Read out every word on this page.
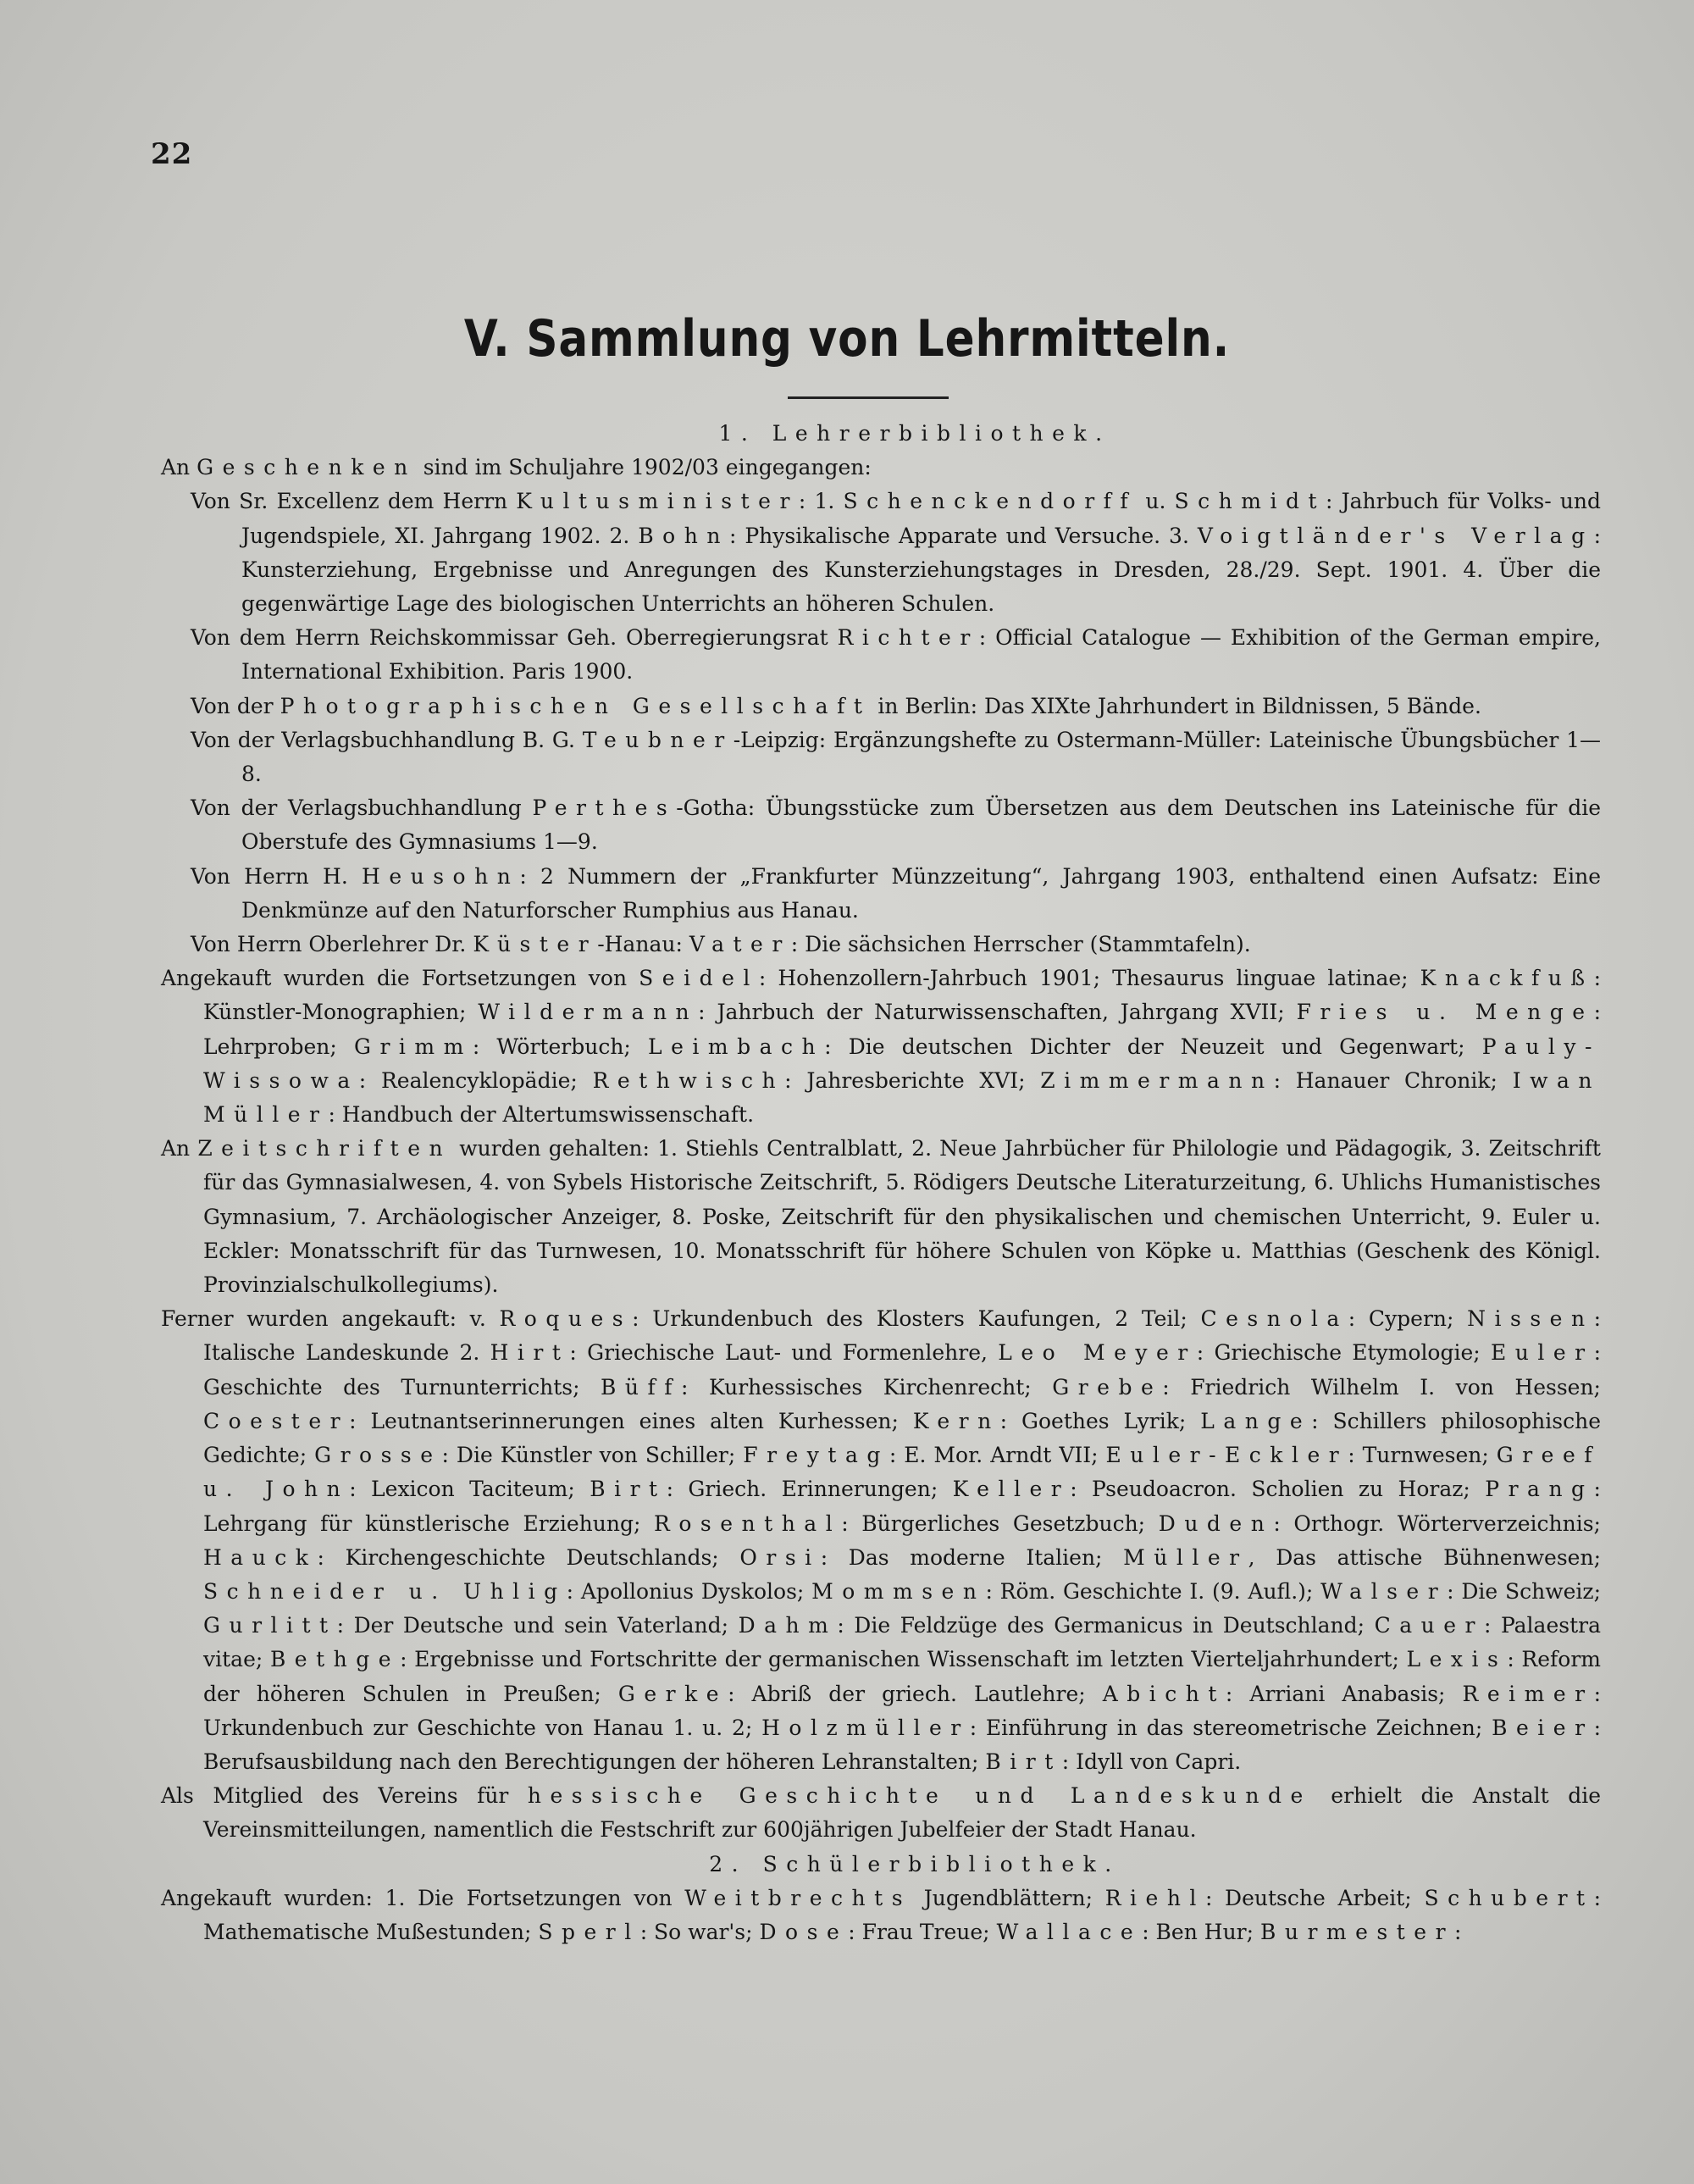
22
V. Sammlung von Lehrmitteln.

1. Lehrerbibliothek.

An Geschenken sind im Schuljahre 1902/03 eingegangen:

Von Sr. Excellenz dem Herrn Kultusminister: 1. Schenckendorff u. Schmidt: Jahrbuch für Volks- und Jugendspiele, XI. Jahrgang 1902. 2. Bohn: Physikalische Apparate und Versuche. 3. Voigtländer's Verlag: Kunsterziehung, Ergebnisse und Anregungen des Kunsterziehungstages in Dresden, 28./29. Sept. 1901. 4. Über die gegenwärtige Lage des biologischen Unterrichts an höheren Schulen.

Von dem Herrn Reichskommissar Geh. Oberregierungsrat Richter: Official Catalogue — Exhibition of the German empire, International Exhibition. Paris 1900.

Von der Photographischen Gesellschaft in Berlin: Das XIXte Jahrhundert in Bildnissen, 5 Bände.

Von der Verlagsbuchhandlung B. G. Teubner-Leipzig: Ergänzungshefte zu Ostermann-Müller: Lateinische Übungsbücher 1—8.

Von der Verlagsbuchhandlung Perthes-Gotha: Übungsstücke zum Übersetzen aus dem Deutschen ins Lateinische für die Oberstufe des Gymnasiums 1—9.

Von Herrn H. Heusohn: 2 Nummern der „Frankfurter Münzzeitung“, Jahrgang 1903, enthaltend einen Aufsatz: Eine Denkmünze auf den Naturforscher Rumphius aus Hanau.

Von Herrn Oberlehrer Dr. Küster-Hanau: Vater: Die sächsichen Herrscher (Stammtafeln).

Angekauft wurden die Fortsetzungen von Seidel: Hohenzollern-Jahrbuch 1901; Thesaurus linguae latinae; Knackfuß: Künstler-Monographien; Wildermann: Jahrbuch der Naturwissenschaften, Jahrgang XVII; Fries u. Menge: Lehrproben; Grimm: Wörterbuch; Leimbach: Die deutschen Dichter der Neuzeit und Gegenwart; Pauly-Wissowa: Realencyklopädie; Rethwisch: Jahresberichte XVI; Zimmermann: Hanauer Chronik; Iwan Müller: Handbuch der Altertumswissenschaft.

An Zeitschriften wurden gehalten: 1. Stiehls Centralblatt, 2. Neue Jahrbücher für Philologie und Pädagogik, 3. Zeitschrift für das Gymnasialwesen, 4. von Sybels Historische Zeitschrift, 5. Rödigers Deutsche Literaturzeitung, 6. Uhlichs Humanistisches Gymnasium, 7. Archäologischer Anzeiger, 8. Poske, Zeitschrift für den physikalischen und chemischen Unterricht, 9. Euler u. Eckler: Monatsschrift für das Turnwesen, 10. Monatsschrift für höhere Schulen von Köpke u. Matthias (Geschenk des Königl. Provinzialschulkollegiums).

Ferner wurden angekauft: v. Roques: Urkundenbuch des Klosters Kaufungen, 2 Teil; Cesnola: Cypern; Nissen: Italische Landeskunde 2. Hirt: Griechische Laut- und Formenlehre, Leo Meyer: Griechische Etymologie; Euler: Geschichte des Turnunterrichts; Büff: Kurhessisches Kirchenrecht; Grebe: Friedrich Wilhelm I. von Hessen; Coester: Leutnantserinnerungen eines alten Kurhessen; Kern: Goethes Lyrik; Lange: Schillers philosophische Gedichte; Grosse: Die Künstler von Schiller; Freytag: E. Mor. Arndt VII; Euler-Eckler: Turnwesen; Greef u. John: Lexicon Taciteum; Birt: Griech. Erinnerungen; Keller: Pseudoacron. Scholien zu Horaz; Prang: Lehrgang für künstlerische Erziehung; Rosenthal: Bürgerliches Gesetzbuch; Duden: Orthogr. Wörterverzeichnis; Hauck: Kirchengeschichte Deutschlands; Orsi: Das moderne Italien; Müller, Das attische Bühnenwesen; Schneider u. Uhlig: Apollonius Dyskolos; Mommsen: Röm. Geschichte I. (9. Aufl.); Walser: Die Schweiz; Gurlitt: Der Deutsche und sein Vaterland; Dahm: Die Feldzüge des Germanicus in Deutschland; Cauer: Palaestra vitae; Bethge: Ergebnisse und Fortschritte der germanischen Wissenschaft im letzten Vierteljahrhundert; Lexis: Reform der höheren Schulen in Preußen; Gerke: Abriß der griech. Lautlehre; Abicht: Arriani Anabasis; Reimer: Urkundenbuch zur Geschichte von Hanau 1. u. 2; Holzmüller: Einführung in das stereometrische Zeichnen; Beier: Berufsausbildung nach den Berechtigungen der höheren Lehranstalten; Birt: Idyll von Capri.

Als Mitglied des Vereins für hessische Geschichte und Landeskunde erhielt die Anstalt die Vereinsmitteilungen, namentlich die Festschrift zur 600jährigen Jubelfeier der Stadt Hanau.

2. Schülerbibliothek.

Angekauft wurden: 1. Die Fortsetzungen von Weitbrechts Jugendblättern; Riehl: Deutsche Arbeit; Schubert: Mathematische Mußestunden; Sperl: So war's; Dose: Frau Treue; Wallace: Ben Hur; Burmester:
